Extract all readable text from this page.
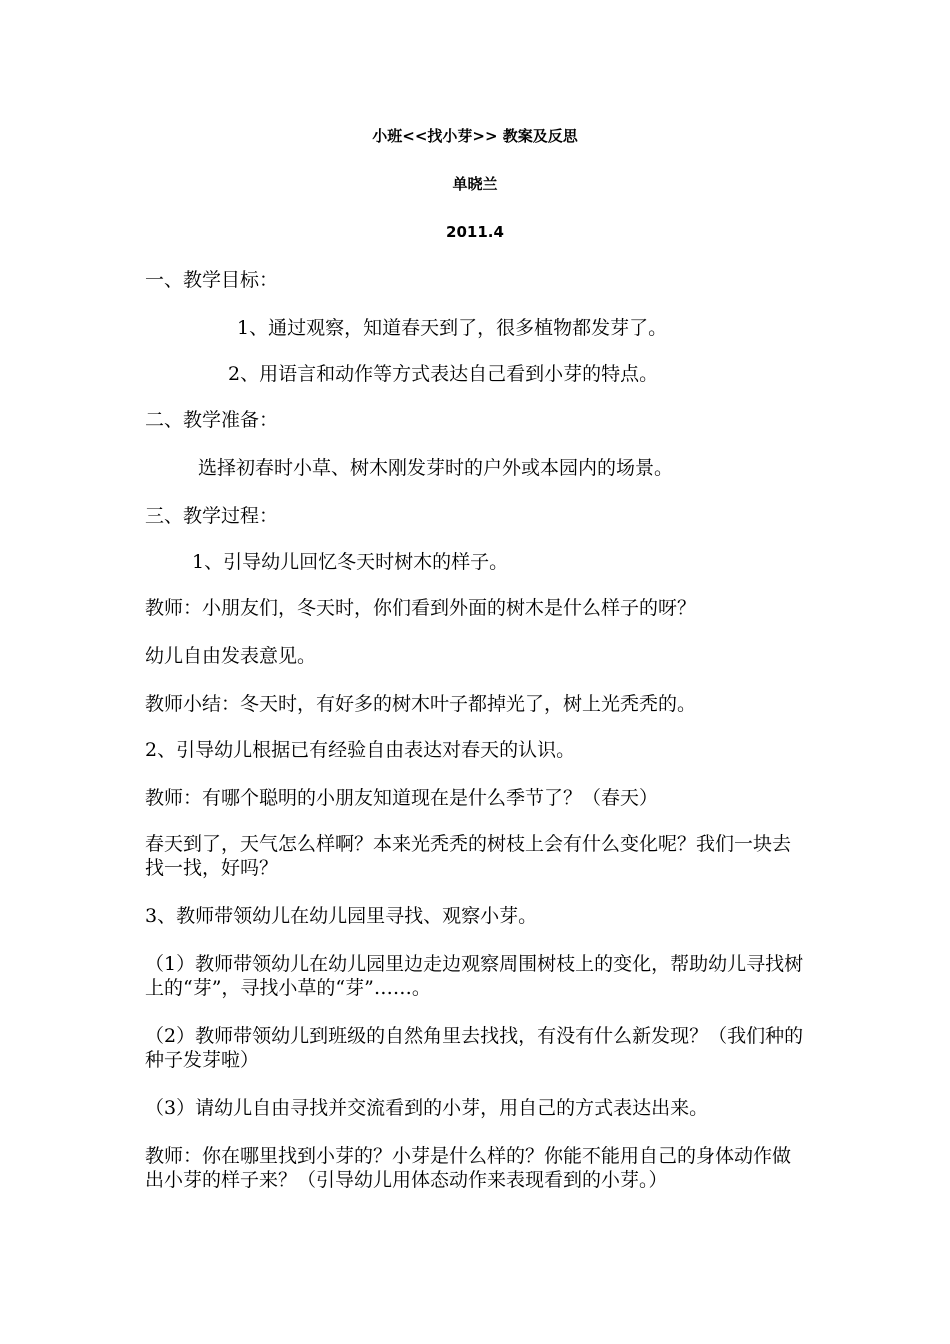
小班<<找小芽>> 教案及反思
单晓兰
2011.4
一、教学目标：
1、通过观察，知道春天到了，很多植物都发芽了。
2、用语言和动作等方式表达自己看到小芽的特点。
二、教学准备：
选择初春时小草、树木刚发芽时的户外或本园内的场景。
三、教学过程：
1、引导幼儿回忆冬天时树木的样子。
教师：小朋友们，冬天时，你们看到外面的树木是什么样子的呀？
幼儿自由发表意见。
教师小结：冬天时，有好多的树木叶子都掉光了，树上光秃秃的。
2、引导幼儿根据已有经验自由表达对春天的认识。
教师：有哪个聪明的小朋友知道现在是什么季节了？（春天）
春天到了，天气怎么样啊？本来光秃秃的树枝上会有什么变化呢？我们一块去找一找，好吗？
3、教师带领幼儿在幼儿园里寻找、观察小芽。
（1）教师带领幼儿在幼儿园里边走边观察周围树枝上的变化，帮助幼儿寻找树上的“芽”，寻找小草的“芽”……。
（2）教师带领幼儿到班级的自然角里去找找，有没有什么新发现？（我们种的种子发芽啦）
（3）请幼儿自由寻找并交流看到的小芽，用自己的方式表达出来。
教师：你在哪里找到小芽的？小芽是什么样的？你能不能用自己的身体动作做出小芽的样子来？（引导幼儿用体态动作来表现看到的小芽。）
